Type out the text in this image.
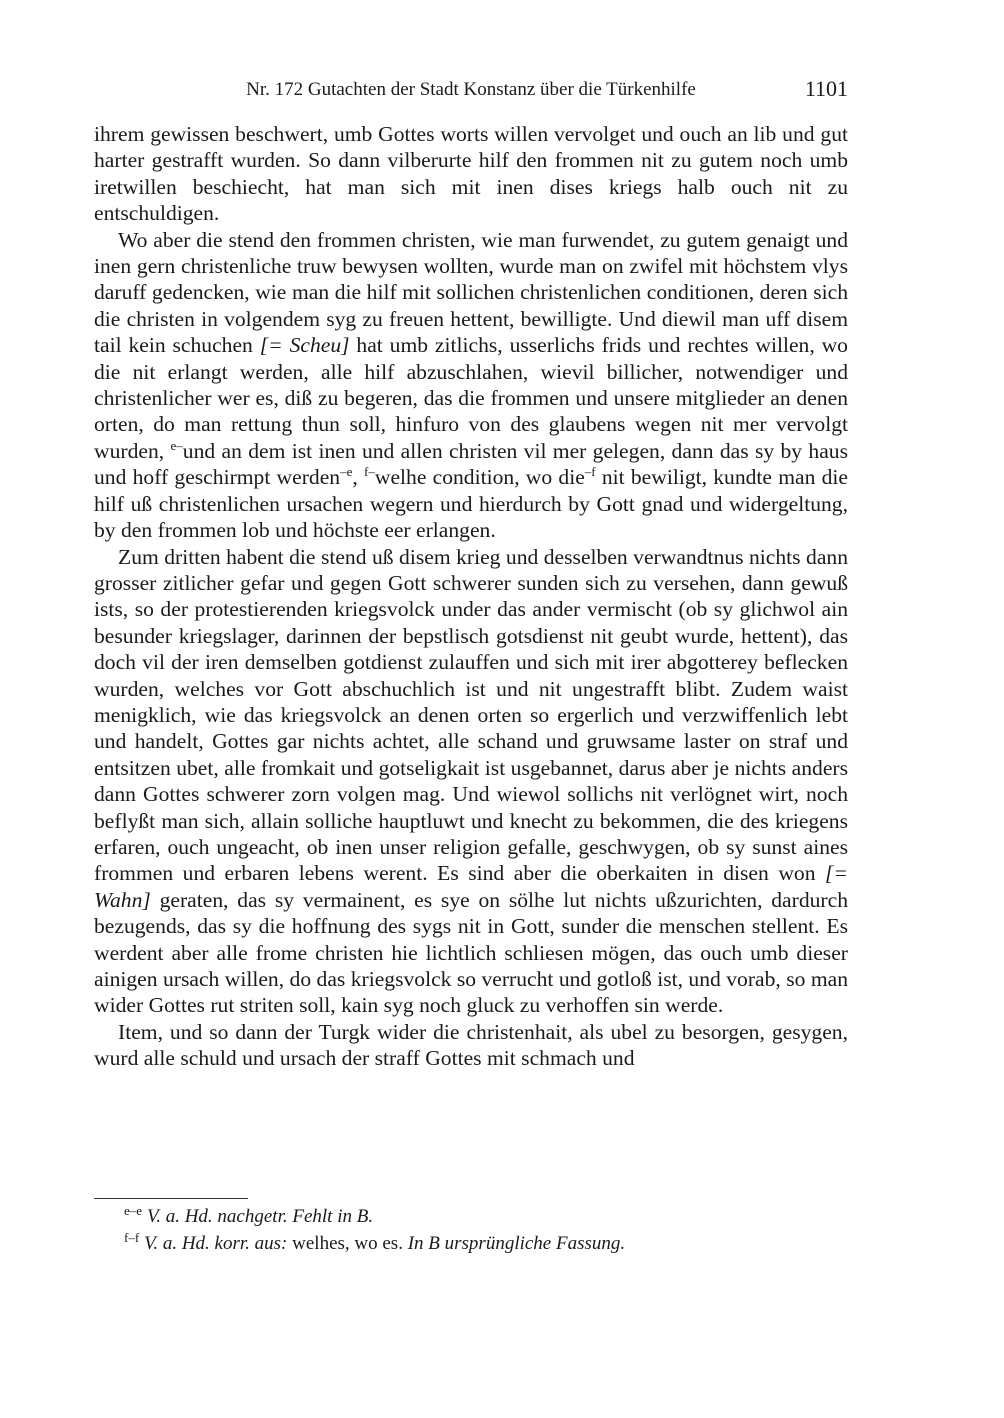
Nr. 172 Gutachten der Stadt Konstanz über die Türkenhilfe	1101

ihrem gewissen beschwert, umb Gottes worts willen vervolget und ouch an lib und gut harter gestrafft wurden. So dann vilberurte hilf den frommen nit zu gutem noch umb iretwillen beschiecht, hat man sich mit inen dises kriegs halb ouch nit zu entschuldigen.

Wo aber die stend den frommen christen, wie man furwendet, zu gutem genaigt und inen gern christenliche truw bewysen wollten, wurde man on zwifel mit höchstem vlys daruff gedencken, wie man die hilf mit sollichen christenlichen conditionen, deren sich die christen in volgendem syg zu freuen hettent, bewilligte. Und diewil man uff disem tail kein schuchen [= Scheu] hat umb zitlichs, usserlichs frids und rechtes willen, wo die nit erlangt werden, alle hilf abzuschlahen, wievil billicher, notwendiger und christenlicher wer es, diß zu begeren, das die frommen und unsere mitglieder an denen orten, do man rettung thun soll, hinfuro von des glaubens wegen nit mer vervolgt wurden, $^{e-}$und an dem ist inen und allen christen vil mer gelegen, dann das sy by haus und hoff geschirmpt werden$^{-e}$, $^{f-}$welhe condition, wo die$^{-f}$ nit bewiligt, kundte man die hilf uß christenlichen ursachen wegern und hierdurch by Gott gnad und widergeltung, by den frommen lob und höchste eer erlangen.

Zum dritten habent die stend uß disem krieg und desselben verwandtnus nichts dann grosser zitlicher gefar und gegen Gott schwerer sunden sich zu versehen, dann gewuß ists, so der protestierenden kriegsvolck under das ander vermischt (ob sy glichwol ain besunder kriegslager, darinnen der bepstlisch gotsdienst nit geubt wurde, hettent), das doch vil der iren demselben gotdienst zulauffen und sich mit irer abgotterey beflecken wurden, welches vor Gott abschuchlich ist und nit ungestrafft blibt. Zudem waist menigklich, wie das kriegsvolck an denen orten so ergerlich und verzwiffenlich lebt und handelt, Gottes gar nichts achtet, alle schand und gruwsame laster on straf und entsitzen ubet, alle fromkait und gotseligkait ist usgebannet, darus aber je nichts anders dann Gottes schwerer zorn volgen mag. Und wiewol sollichs nit verlögnet wirt, noch beflyßt man sich, allain solliche hauptluwt und knecht zu bekommen, die des kriegens erfaren, ouch ungeacht, ob inen unser religion gefalle, geschwygen, ob sy sunst aines frommen und erbaren lebens werent. Es sind aber die oberkaiten in disen won [= Wahn] geraten, das sy vermainent, es sye on sölhe lut nichts ußzurichten, dardurch bezugends, das sy die hoffnung des sygs nit in Gott, sunder die menschen stellent. Es werdent aber alle frome christen hie lichtlich schliesen mögen, das ouch umb dieser ainigen ursach willen, do das kriegsvolck so verrucht und gotloß ist, und vorab, so man wider Gottes rut striten soll, kain syg noch gluck zu verhoffen sin werde.

Item, und so dann der Turgk wider die christenhait, als ubel zu besorgen, gesygen, wurd alle schuld und ursach der straff Gottes mit schmach und

$^{e-e}$ V. a. Hd. nachgetr. Fehlt in B.
$^{f-f}$ V. a. Hd. korr. aus: welhes, wo es. In B ursprüngliche Fassung.
